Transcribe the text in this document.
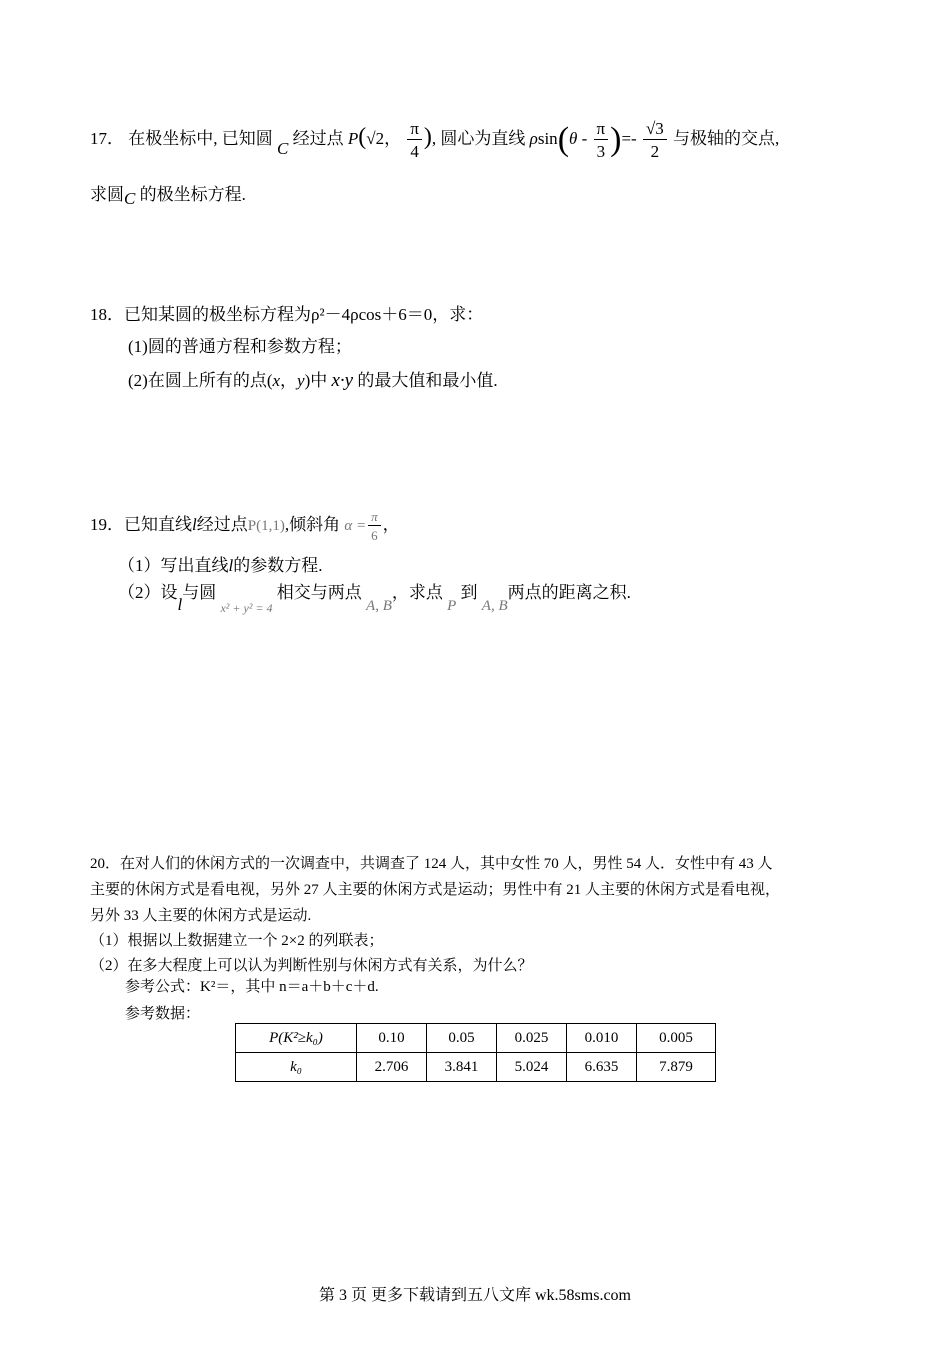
17． 在极坐标中, 已知圆 C 经过点 P(√2， $\frac{\pi}{4}$ ), 圆心为直线 $\rho\sin(\theta - \frac{\pi}{3}$ )=- $\frac{√3}{2}$ 与极轴的交点,
求圆C 的极坐标方程.
18．已知某圆的极坐标方程为ρ²－4ρcos＋6＝0，求：
(1)圆的普通方程和参数方程；
(2)在圆上所有的点(x，y)中 x·y 的最大值和最小值.
19．已知直线l经过点P(1,1),倾斜角 $\alpha = \frac{\pi}{6}$ ，
（1）写出直线l的参数方程.
（2）设l与圆 $_{x^2 + y^2 = 4}$ 相交与两点 A, B，求点 P 到 A, B两点的距离之积.
20．在对人们的休闲方式的一次调查中，共调查了 124 人，其中女性 70 人，男性 54 人．女性中有 43 人
主要的休闲方式是看电视，另外 27 人主要的休闲方式是运动；男性中有 21 人主要的休闲方式是看电视，
另外 33 人主要的休闲方式是运动.
（1）根据以上数据建立一个 2×2 的列联表；
（2）在多大程度上可以认为判断性别与休闲方式有关系，为什么？
参考公式：K²＝，其中 n＝a＋b＋c＋d.
参考数据：
P(K²≥k₀)	0.10	0.05	0.025	0.010	0.005
k₀	2.706	3.841	5.024	6.635	7.879
第 3 页 更多下载请到五八文库 wk.58sms.com
